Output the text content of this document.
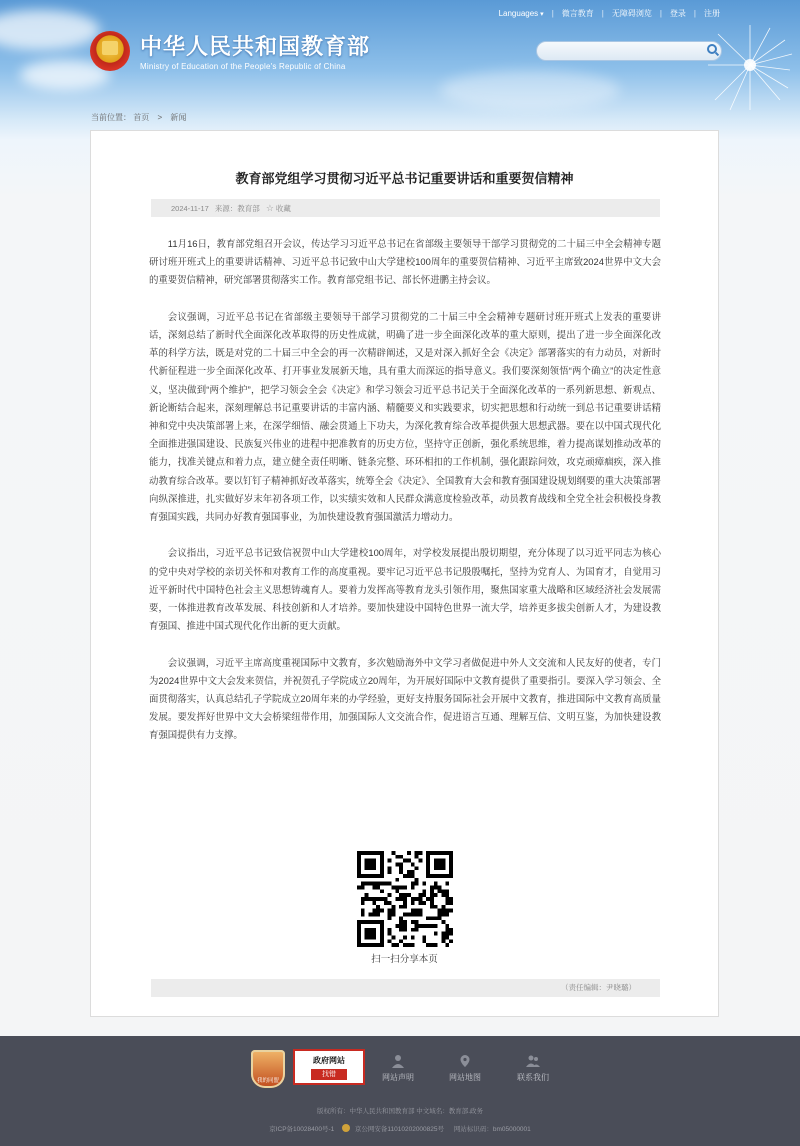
Languages ▾ | 微言教育 | 无障碍浏览 | 登录 | 注册
中华人民共和国教育部
Ministry of Education of the People's Republic of China
当前位置： 首页 > 新闻
教育部党组学习贯彻习近平总书记重要讲话和重要贺信精神
2024-11-17 来源：教育部 ☆ 收藏

11月16日，教育部党组召开会议，传达学习习近平总书记在省部级主要领导干部学习贯彻党的二十届三中全会精神专题研讨班开班式上的重要讲话精神、习近平总书记致中山大学建校100周年的重要贺信精神、习近平主席致2024世界中文大会的重要贺信精神，研究部署贯彻落实工作。教育部党组书记、部长怀进鹏主持会议。

会议强调，习近平总书记在省部级主要领导干部学习贯彻党的二十届三中全会精神专题研讨班开班式上发表的重要讲话，深刻总结了新时代全面深化改革取得的历史性成就，明确了进一步全面深化改革的重大原则，提出了进一步全面深化改革的科学方法，既是对党的二十届三中全会的再一次精辟阐述，又是对深入抓好全会《决定》部署落实的有力动员，对新时代新征程进一步全面深化改革、打开事业发展新天地，具有重大而深远的指导意义。我们要深刻领悟“两个确立”的决定性意义，坚决做到“两个维护”，把学习领会全会《决定》和学习领会习近平总书记关于全面深化改革的一系列新思想、新观点、新论断结合起来，深刻理解总书记重要讲话的丰富内涵、精髓要义和实践要求，切实把思想和行动统一到总书记重要讲话精神和党中央决策部署上来，在深学细悟、融会贯通上下功夫，为深化教育综合改革提供强大思想武器。要在以中国式现代化全面推进强国建设、民族复兴伟业的进程中把准教育的历史方位，坚持守正创新，强化系统思维，着力提高谋划推动改革的能力，找准关键点和着力点，建立健全责任明晰、链条完整、环环相扣的工作机制，强化跟踪问效，攻克顽瘴痼疾，深入推动教育综合改革。要以钉钉子精神抓好改革落实，统筹全会《决定》、全国教育大会和教育强国建设规划纲要的重大决策部署向纵深推进，扎实做好岁末年初各项工作，以实绩实效和人民群众满意度检验改革，动员教育战线和全党全社会积极投身教育强国实践，共同办好教育强国事业，为加快建设教育强国激活力增动力。

会议指出，习近平总书记致信祝贺中山大学建校100周年，对学校发展提出殷切期望，充分体现了以习近平同志为核心的党中央对学校的亲切关怀和对教育工作的高度重视。要牢记习近平总书记殷殷嘱托，坚持为党育人、为国育才，自觉用习近平新时代中国特色社会主义思想铸魂育人。要着力发挥高等教育龙头引领作用，聚焦国家重大战略和区域经济社会发展需要，一体推进教育改革发展、科技创新和人才培养。要加快建设中国特色世界一流大学，培养更多拔尖创新人才，为建设教育强国、推进中国式现代化作出新的更大贡献。

会议强调，习近平主席高度重视国际中文教育，多次勉励海外中文学习者做促进中外人文交流和人民友好的使者，专门为2024世界中文大会发来贺信，并祝贺孔子学院成立20周年，为开展好国际中文教育提供了重要指引。要深入学习领会、全面贯彻落实，认真总结孔子学院成立20周年来的办学经验，更好支持服务国际社会开展中文教育，推进国际中文教育高质量发展。要发挥好世界中文大会桥梁纽带作用，加强国际人文交流合作，促进语言互通、理解互信、文明互鉴，为加快建设教育强国提供有力支撑。

扫一扫分享本页
（责任编辑：尹晓璐）
我的同盟
政府网站
找错	网站声明	网站地图	联系我们
版权所有：中华人民共和国教育部 中文域名：教育部.政务
京ICP备10028400号-1	京公网安备11010202000825号 网站标识码：bm05000001
